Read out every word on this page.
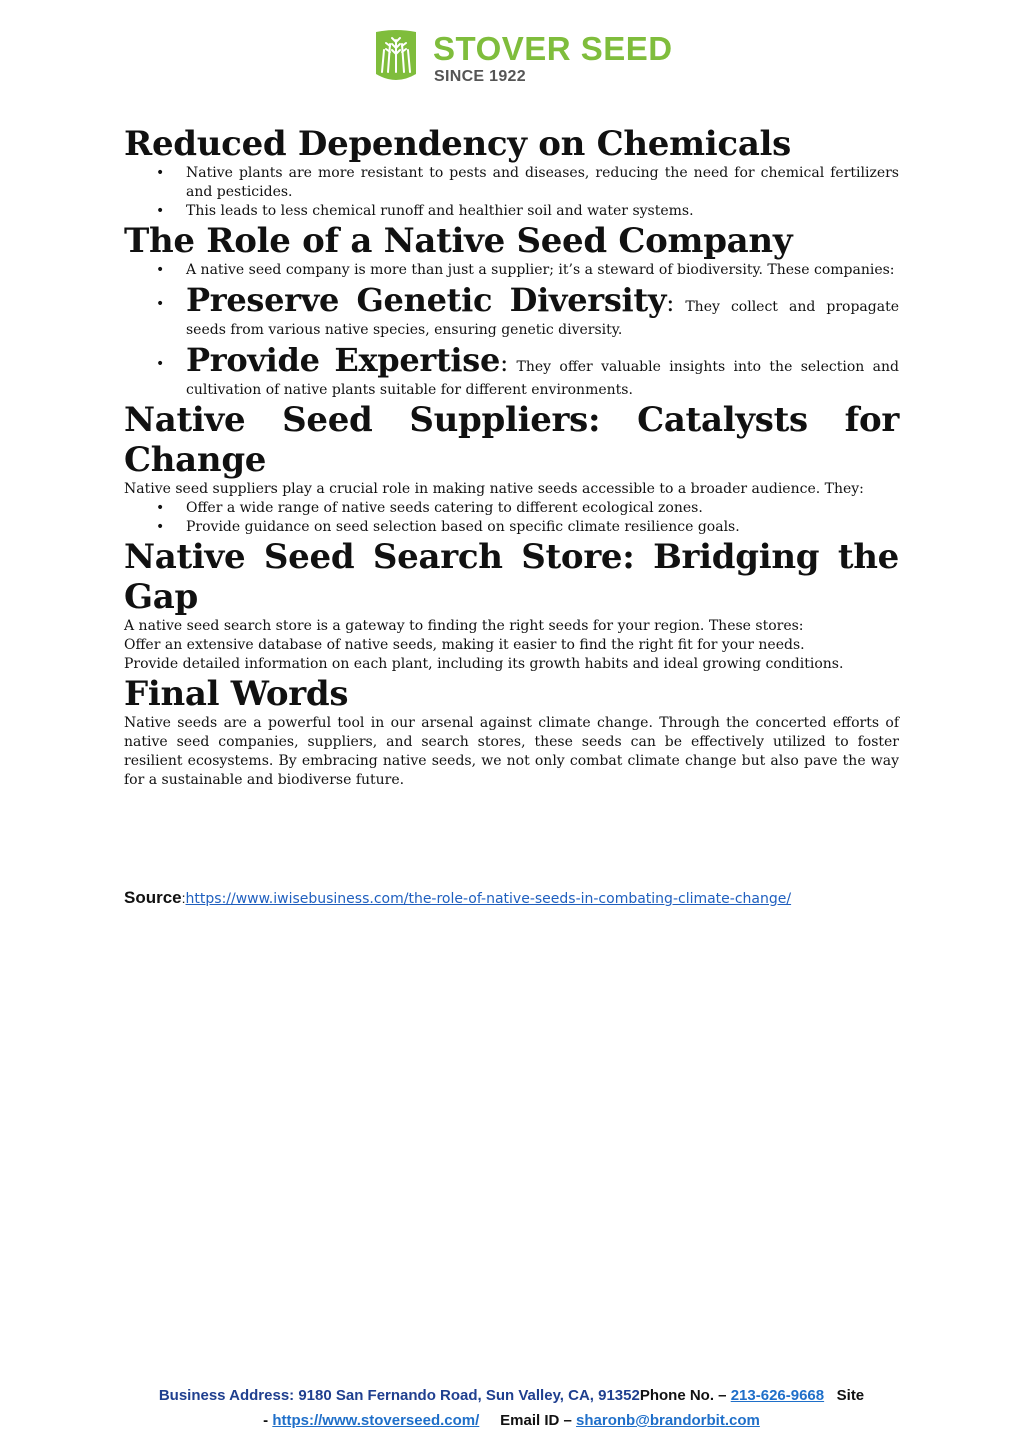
STOVER SEED
SINCE 1922
Reduced Dependency on Chemicals
• Native plants are more resistant to pests and diseases, reducing the need for chemical fertilizers and pesticides.
• This leads to less chemical runoff and healthier soil and water systems.
The Role of a Native Seed Company
• A native seed company is more than just a supplier; it’s a steward of biodiversity. These companies:
• Preserve Genetic Diversity: They collect and propagate seeds from various native species, ensuring genetic diversity.
• Provide Expertise: They offer valuable insights into the selection and cultivation of native plants suitable for different environments.
Native Seed Suppliers: Catalysts for Change

Native seed suppliers play a crucial role in making native seeds accessible to a broader audience. They:

• Offer a wide range of native seeds catering to different ecological zones.
• Provide guidance on seed selection based on specific climate resilience goals.
Native Seed Search Store: Bridging the Gap

A native seed search store is a gateway to finding the right seeds for your region. These stores:

Offer an extensive database of native seeds, making it easier to find the right fit for your needs.

Provide detailed information on each plant, including its growth habits and ideal growing conditions.

Final Words

Native seeds are a powerful tool in our arsenal against climate change. Through the concerted efforts of native seed companies, suppliers, and search stores, these seeds can be effectively utilized to foster resilient ecosystems. By embracing native seeds, we not only combat climate change but also pave the way for a sustainable and biodiverse future.

Source:https://www.iwisebusiness.com/the-role-of-native-seeds-in-combating-climate-change/
Business Address: 9180 San Fernando Road, Sun Valley, CA, 91352Phone No. – 213-626-9668 Site
- https://www.stoverseed.com/ Email ID – sharonb@brandorbit.com
